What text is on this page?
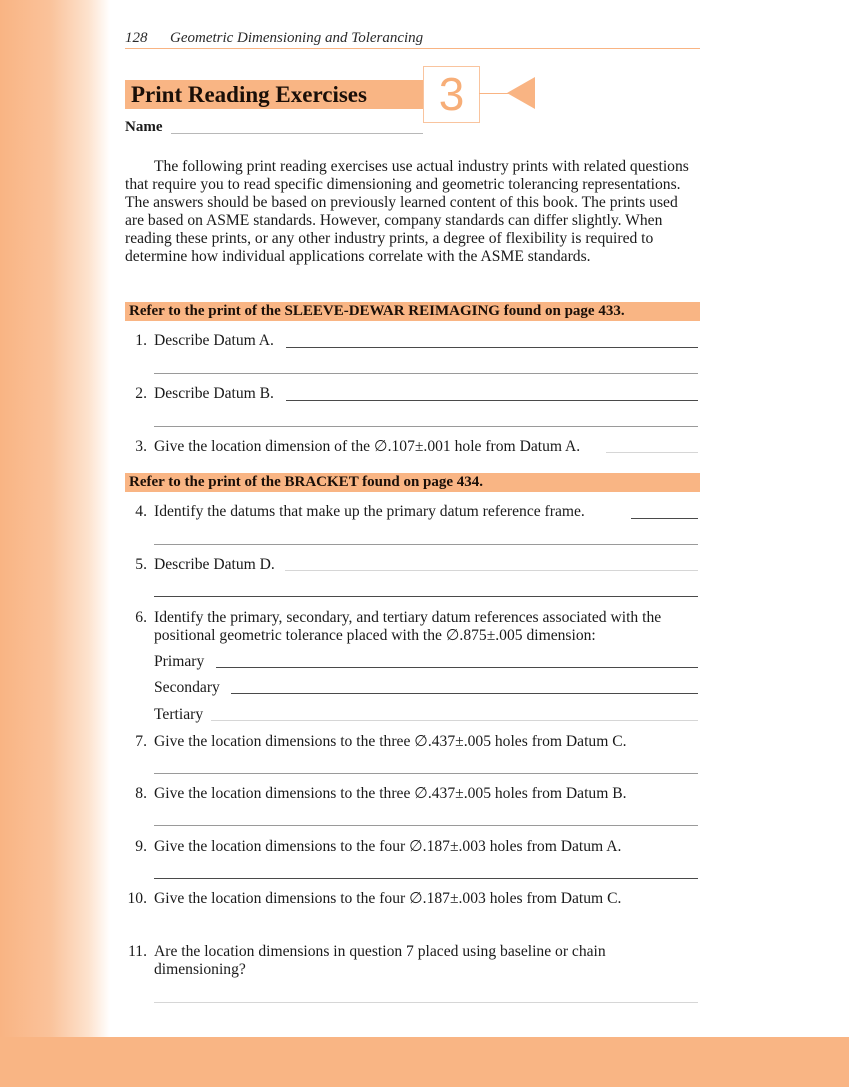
128 Geometric Dimensioning and Tolerancing
Print Reading Exercises	3
Name
The following print reading exercises use actual industry prints with related questions that require you to read specific dimensioning and geometric tolerancing representations. The answers should be based on previously learned content of this book. The prints used are based on ASME standards. However, company standards can differ slightly. When reading these prints, or any other industry prints, a degree of flexibility is required to determine how individual applications correlate with the ASME standards.
Refer to the print of the SLEEVE-DEWAR REIMAGING found on page 433.
1. Describe Datum A.
2. Describe Datum B.
3. Give the location dimension of the ∅.107±.001 hole from Datum A.
Refer to the print of the BRACKET found on page 434.
4. Identify the datums that make up the primary datum reference frame.
5. Describe Datum D.
6. Identify the primary, secondary, and tertiary datum references associated with the positional geometric tolerance placed with the ∅.875±.005 dimension:
Primary
Secondary
Tertiary
7. Give the location dimensions to the three ∅.437±.005 holes from Datum C.
8. Give the location dimensions to the three ∅.437±.005 holes from Datum B.
9. Give the location dimensions to the four ∅.187±.003 holes from Datum A.
10. Give the location dimensions to the four ∅.187±.003 holes from Datum C.
11. Are the location dimensions in question 7 placed using baseline or chain dimensioning?
